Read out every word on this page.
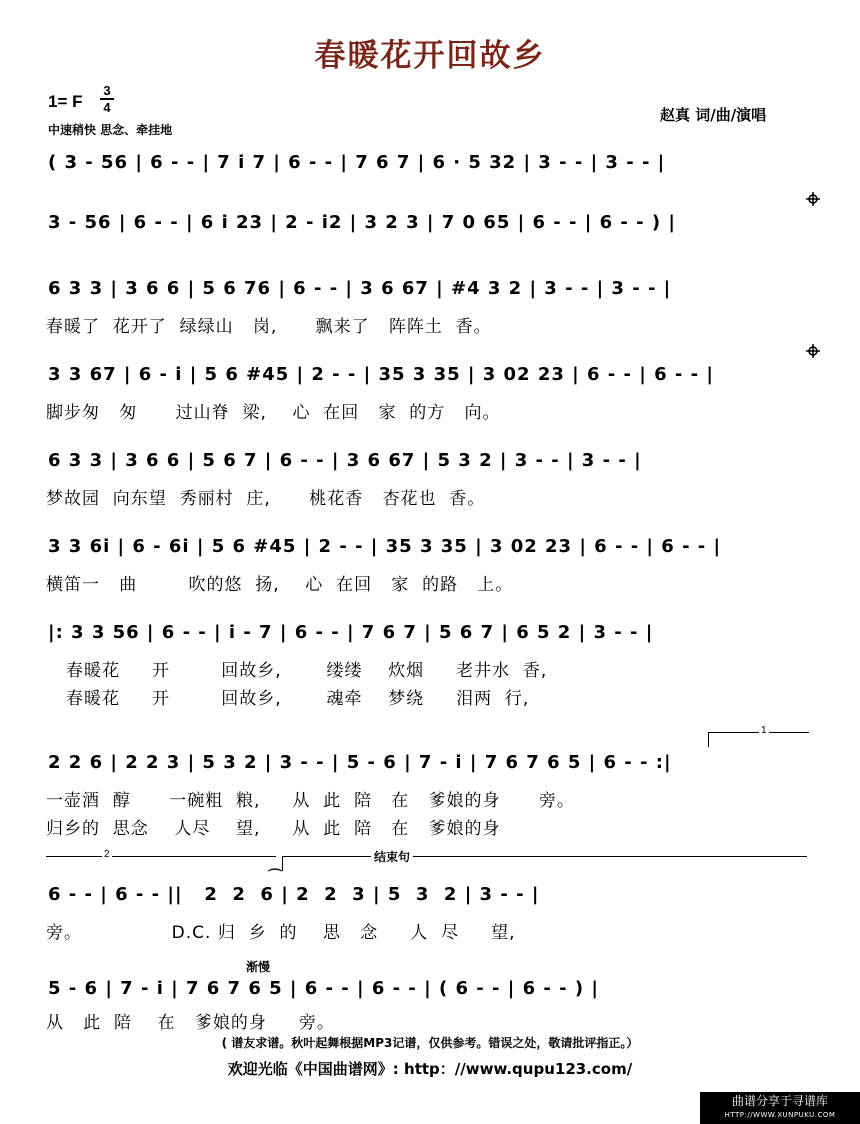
春暖花开回故乡
1= F
3
4
中速稍快 思念、牵挂地
赵真 词/曲/演唱
( 3 - 56 | 6 - - | 7 i 7 | 6 - - | 7 6 7 | 6 · 5 32 | 3 - - | 3 - - |
3 - 56 | 6 - - | 6 i 23 | 2 - i2 | 3 2 3 | 7 0 65 | 6 - - | 6 - - ) |
6 3 3 | 3 6 6 | 5 6 76 | 6 - - | 3 6 67 | #4 3 2 | 3 - - | 3 - - |
春暖了  花开了  绿绿山   岗,      飘来了   阵阵土  香。
3 3 67 | 6 - i | 5 6 #45 | 2 - - | 35 3 35 | 3 02 23 | 6 - - | 6 - - |
脚步匆   匆      过山脊  梁,    心  在回   家  的方   向。
6 3 3 | 3 6 6 | 5 6 7 | 6 - - | 3 6 67 | 5 3 2 | 3 - - | 3 - - |
梦故园  向东望  秀丽村  庄,      桃花香   杏花也  香。
3 3 6i | 6 - 6i | 5 6 #45 | 2 - - | 35 3 35 | 3 02 23 | 6 - - | 6 - - |
横笛一   曲        吹的悠  扬,    心  在回   家  的路   上。
|: 3 3 56 | 6 - - | i - 7 | 6 - - | 7 6 7 | 5 6 7 | 6 5 2 | 3 - - |
春暖花     开        回故乡,       缕缕    炊烟     老井水  香,
春暖花     开        回故乡,       魂牵    梦绕     泪两  行,
1
2 2 6 | 2 2 3 | 5 3 2 | 3 - - | 5 - 6 | 7 - i | 7 6 7 6 5 | 6 - - :|
一壶酒  醇      一碗粗  粮,     从  此  陪   在   爹娘的身      旁。
归乡的  思念    人尽    望,     从  此  陪   在   爹娘的身
2	结束句
6 - - | 6 - - ||   2  2  6 | 2  2  3 | 5  3  2 | 3 - - |
⌒
旁。              D.C. 归  乡  的    思   念     人  尽     望,
渐慢
5 - 6 | 7 - i | 7 6 7 6 5 | 6 - - | 6 - - | ( 6 - - | 6 - - ) |
从   此  陪    在   爹娘的身     旁。
( 谱友求谱。秋叶起舞根据MP3记谱，仅供参考。错误之处，敬请批评指正。）
欢迎光临《中国曲谱网》: http：//www.qupu123.com/
曲谱分享于寻谱库
HTTP://WWW.XUNPUKU.COM
